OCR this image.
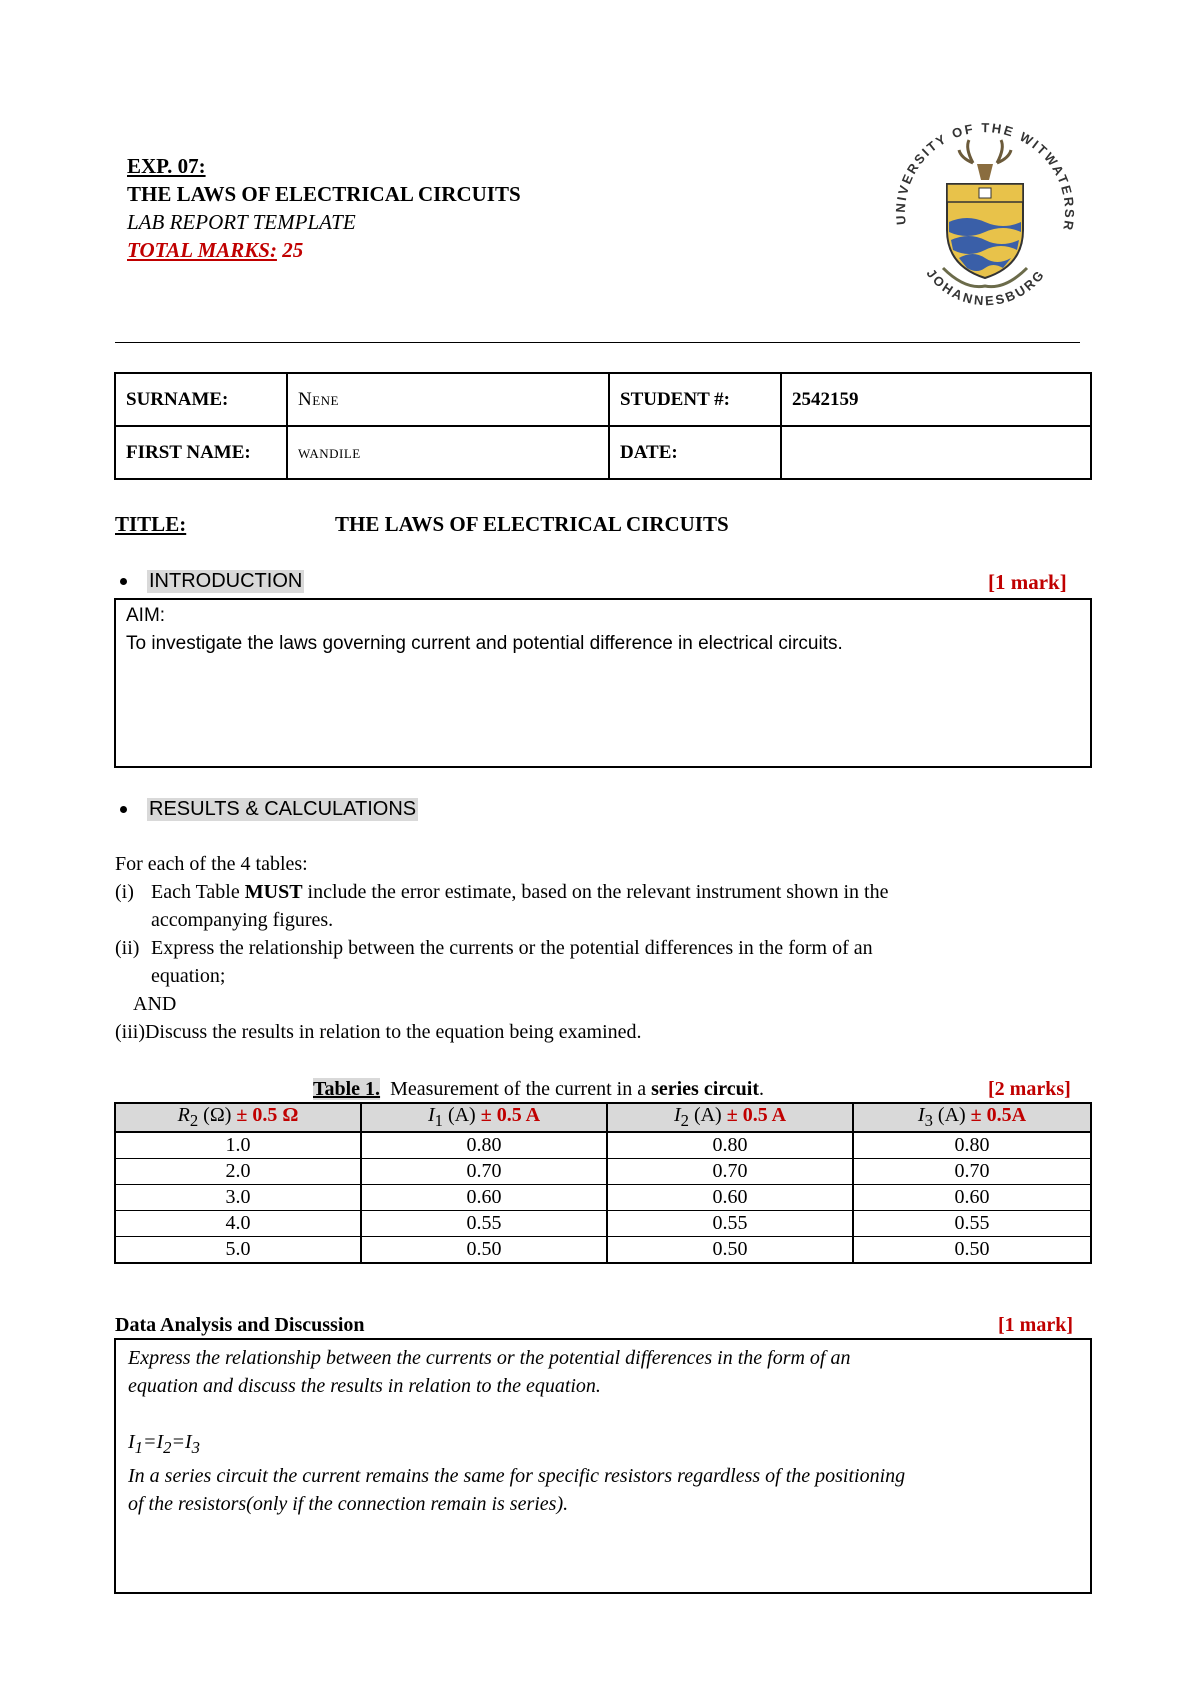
EXP. 07:
THE LAWS OF ELECTRICAL CIRCUITS
LAB REPORT TEMPLATE
TOTAL MARKS: 25
UNIVERSITY OF THE WITWATERSR
JOHANNESBURG
SURNAME:	Nene	STUDENT #:	2542159
FIRST NAME:	wandile	DATE:	
TITLE:	THE LAWS OF ELECTRICAL CIRCUITS
INTRODUCTION	[1 mark]
AIM:
To investigate the laws governing current and potential difference in electrical circuits.
RESULTS & CALCULATIONS
For each of the 4 tables:
(i) Each Table MUST include the error estimate, based on the relevant instrument shown in the
accompanying figures.
(ii) Express the relationship between the currents or the potential differences in the form of an
equation;
AND
(iii)Discuss the results in relation to the equation being examined.
Table 1. Measurement of the current in a series circuit.	[2 marks]
$R_2$ (Ω) ± 0.5 Ω	$I_1$ (A) ± 0.5 A	$I_2$ (A) ± 0.5 A	$I_3$ (A) ± 0.5A
1.0	0.80	0.80	0.80
2.0	0.70	0.70	0.70
3.0	0.60	0.60	0.60
4.0	0.55	0.55	0.55
5.0	0.50	0.50	0.50
Data Analysis and Discussion	[1 mark]
Express the relationship between the currents or the potential differences in the form of an
equation and discuss the results in relation to the equation.
$I_1=I_2=I_3$
In a series circuit the current remains the same for specific resistors regardless of the positioning
of the resistors(only if the connection remain is series).
